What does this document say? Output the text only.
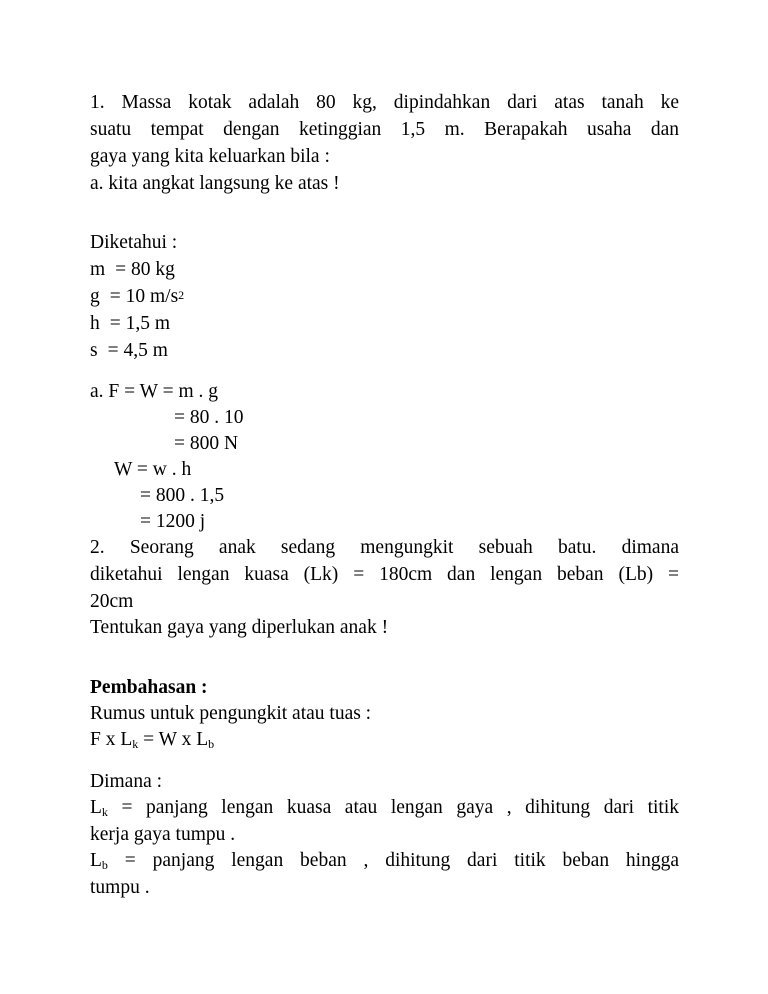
1. Massa kotak adalah 80 kg, dipindahkan dari atas tanah ke
suatu tempat dengan ketinggian 1,5 m. Berapakah usaha dan
gaya yang kita keluarkan bila :
a. kita angkat langsung ke atas !
Diketahui :
m = 80 kg
g = 10 $m/s^2$
h = 1,5 m
s = 4,5 m
a. F = W = m . g
= 80 . 10
= 800 N
W = w . h
= 800 . 1,5
= 1200 j
2. Seorang anak sedang mengungkit sebuah batu. dimana
diketahui lengan kuasa (Lk) = 180cm dan lengan beban (Lb) =
20cm
Tentukan gaya yang diperlukan anak !
Pembahasan :
Rumus untuk pengungkit atau tuas :
F x $L_k = W$ x $L_b$
Dimana :
$L_k$ = panjang lengan kuasa atau lengan gaya , dihitung dari titik
kerja gaya tumpu .
$L_b$ = panjang lengan beban , dihitung dari titik beban hingga
tumpu .
